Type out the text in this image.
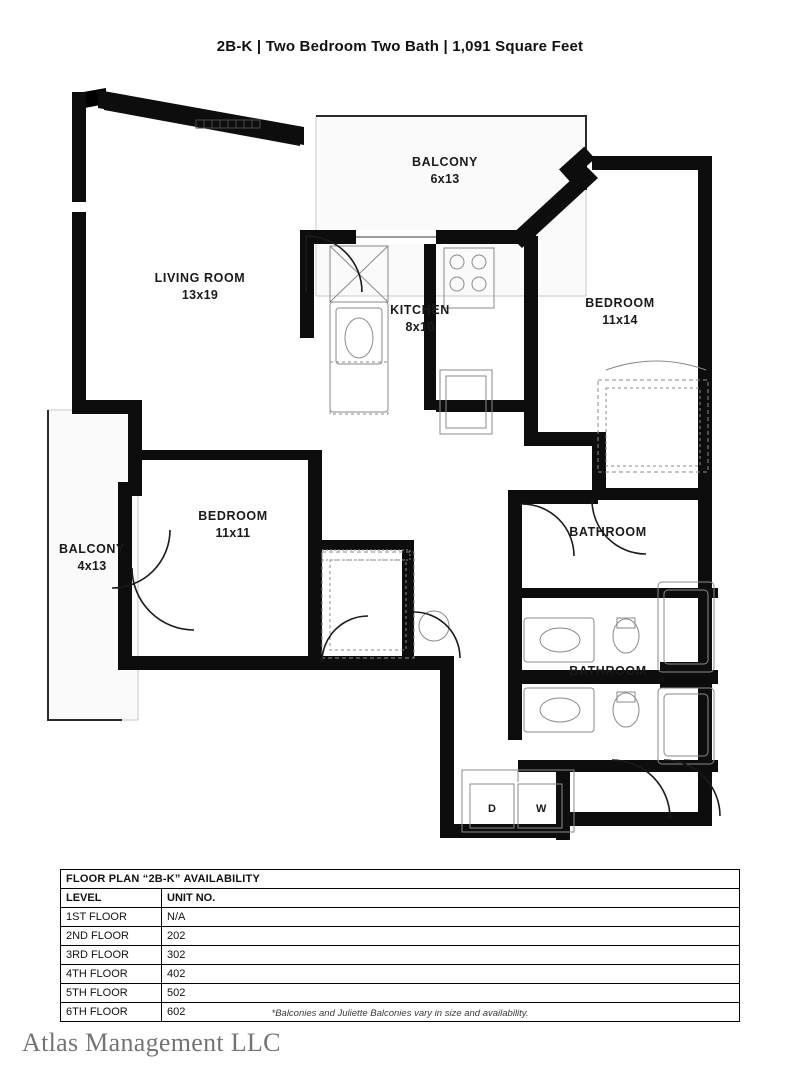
2B-K | Two Bedroom Two Bath | 1,091 Square Feet
BALCONY
6x13
LIVING ROOM
13x19
KITCHEN
8x10
BEDROOM
11x14
BEDROOM
11x11
BALCONY
4x13
BATHROOM
BATHROOM
D	W
FLOOR PLAN “2B-K” AVAILABILITY	
LEVEL	UNIT NO.
1ST FLOOR	N/A
2ND FLOOR	202
3RD FLOOR	302
4TH FLOOR	402
5TH FLOOR	502
6TH FLOOR	602	*Balconies and Juliette Balconies vary in size and availability.
Atlas Management LLC
